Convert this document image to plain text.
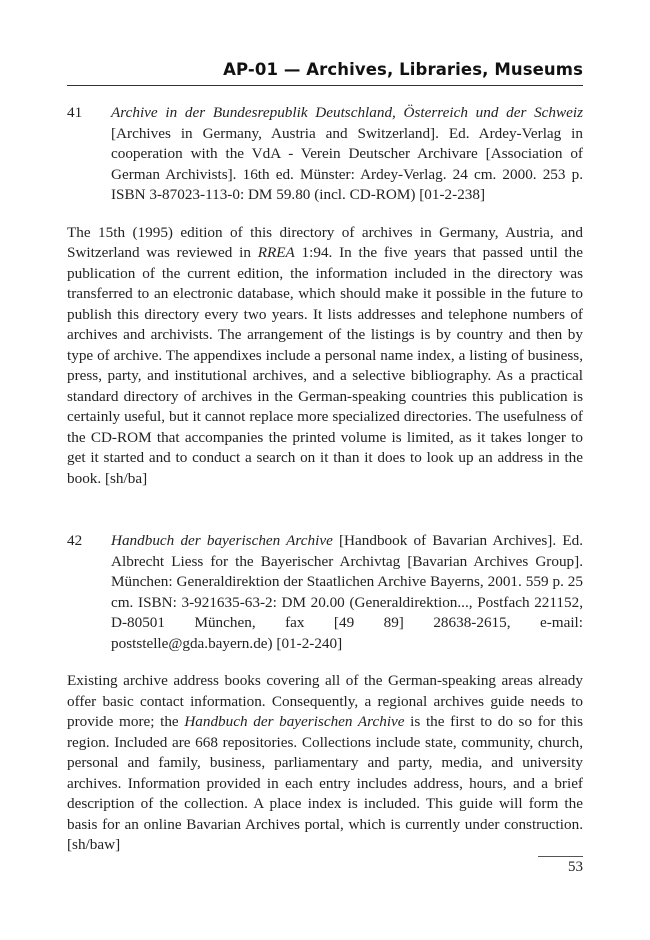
AP-01 — Archives, Libraries, Museums
41	Archive in der Bundesrepublik Deutschland, Österreich und der Schweiz [Archives in Germany, Austria and Switzerland]. Ed. Ardey-Verlag in cooperation with the VdA - Verein Deutscher Archivare [Association of German Archivists]. 16th ed. Münster: Ardey-Verlag. 24 cm. 2000. 253 p. ISBN 3-87023-113-0: DM 59.80 (incl. CD-ROM) [01-2-238]
The 15th (1995) edition of this directory of archives in Germany, Austria, and Switzerland was reviewed in RREA 1:94. In the five years that passed until the publication of the current edition, the information included in the directory was transferred to an electronic database, which should make it possible in the future to publish this directory every two years. It lists addresses and telephone numbers of archives and archivists. The arrangement of the listings is by country and then by type of archive. The appendixes include a personal name index, a listing of business, press, party, and institutional archives, and a selective bibliography. As a practical standard directory of archives in the German-speaking countries this publication is certainly useful, but it cannot replace more specialized directories. The usefulness of the CD-ROM that accompanies the printed volume is limited, as it takes longer to get it started and to conduct a search on it than it does to look up an address in the book. [sh/ba]
42	Handbuch der bayerischen Archive [Handbook of Bavarian Archives]. Ed. Albrecht Liess for the Bayerischer Archivtag [Bavarian Archives Group]. München: Generaldirektion der Staatlichen Archive Bayerns, 2001. 559 p. 25 cm. ISBN: 3-921635-63-2: DM 20.00 (Generaldirektion..., Postfach 221152, D-80501 München, fax [49 89] 28638-2615, e-mail: poststelle@gda.bayern.de) [01-2-240]
Existing archive address books covering all of the German-speaking areas already offer basic contact information. Consequently, a regional archives guide needs to provide more; the Handbuch der bayerischen Archive is the first to do so for this region. Included are 668 repositories. Collections include state, community, church, personal and family, business, parliamentary and party, media, and university archives. Information provided in each entry includes address, hours, and a brief description of the collection. A place index is included. This guide will form the basis for an online Bavarian Archives portal, which is currently under construction. [sh/baw]
53
